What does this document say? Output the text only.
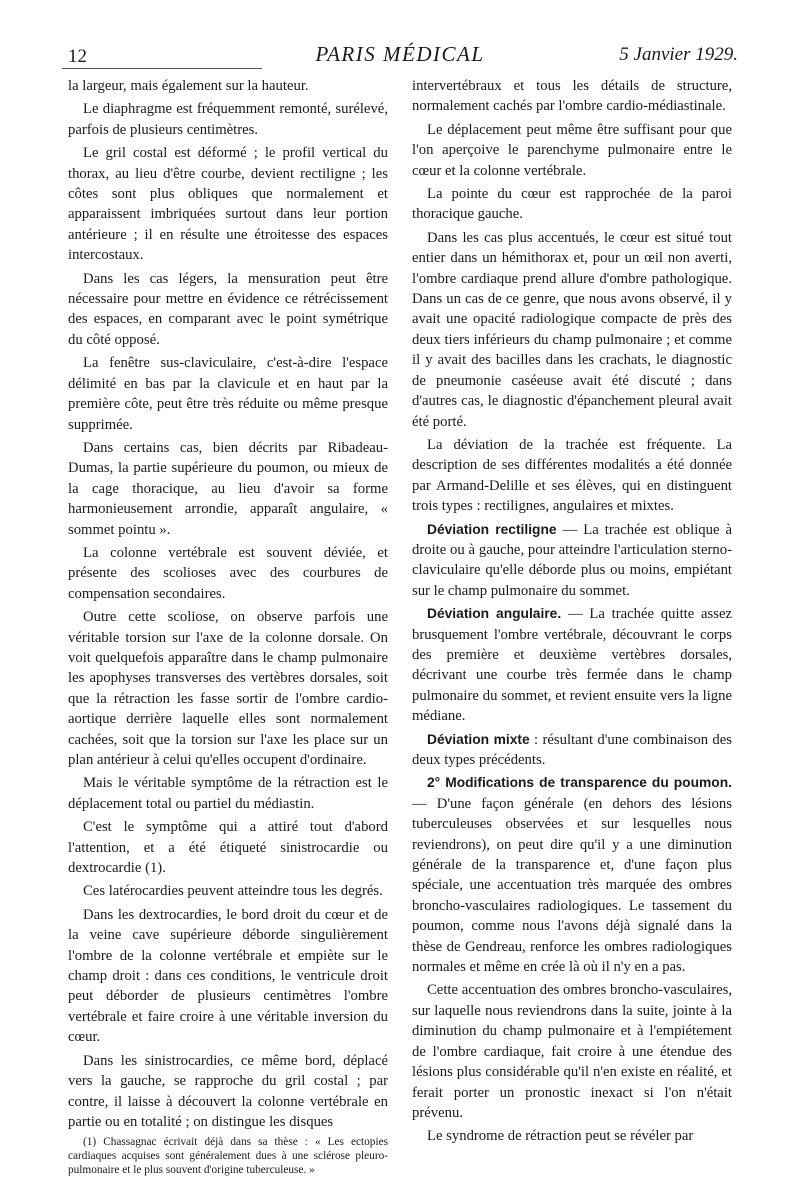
12	PARIS MÉDICAL	5 Janvier 1929.

la largeur, mais également sur la hauteur.

Le diaphragme est fréquemment remonté, surélevé, parfois de plusieurs centimètres.

Le gril costal est déformé ; le profil vertical du thorax, au lieu d'être courbe, devient rectiligne ; les côtes sont plus obliques que normalement et apparaissent imbriquées surtout dans leur portion antérieure ; il en résulte une étroitesse des espaces intercostaux.

Dans les cas légers, la mensuration peut être nécessaire pour mettre en évidence ce rétrécissement des espaces, en comparant avec le point symétrique du côté opposé.

La fenêtre sus-claviculaire, c'est-à-dire l'espace délimité en bas par la clavicule et en haut par la première côte, peut être très réduite ou même presque supprimée.

Dans certains cas, bien décrits par Ribadeau-Dumas, la partie supérieure du poumon, ou mieux de la cage thoracique, au lieu d'avoir sa forme harmonieusement arrondie, apparaît angulaire, « sommet pointu ».

La colonne vertébrale est souvent déviée, et présente des scolioses avec des courbures de compensation secondaires.

Outre cette scoliose, on observe parfois une véritable torsion sur l'axe de la colonne dorsale. On voit quelquefois apparaître dans le champ pulmonaire les apophyses transverses des vertèbres dorsales, soit que la rétraction les fasse sortir de l'ombre cardio-aortique derrière laquelle elles sont normalement cachées, soit que la torsion sur l'axe les place sur un plan antérieur à celui qu'elles occupent d'ordinaire.

Mais le véritable symptôme de la rétraction est le déplacement total ou partiel du médiastin.

C'est le symptôme qui a attiré tout d'abord l'attention, et a été étiqueté sinistrocardie ou dextrocardie (1).

Ces latérocardies peuvent atteindre tous les degrés.

Dans les dextrocardies, le bord droit du cœur et de la veine cave supérieure déborde singulièrement l'ombre de la colonne vertébrale et empiète sur le champ droit : dans ces conditions, le ventricule droit peut déborder de plusieurs centimètres l'ombre vertébrale et faire croire à une véritable inversion du cœur.

Dans les sinistrocardies, ce même bord, déplacé vers la gauche, se rapproche du gril costal ; par contre, il laisse à découvert la colonne vertébrale en partie ou en totalité ; on distingue les disques

(1) Chassagnac écrivait déjà dans sa thèse : « Les ectopies cardiaques acquises sont généralement dues à une sclérose pleuro-pulmonaire et le plus souvent d'origine tuberculeuse. »

intervertébraux et tous les détails de structure, normalement cachés par l'ombre cardio-médiastinale.

Le déplacement peut même être suffisant pour que l'on aperçoive le parenchyme pulmonaire entre le cœur et la colonne vertébrale.

La pointe du cœur est rapprochée de la paroi thoracique gauche.

Dans les cas plus accentués, le cœur est situé tout entier dans un hémithorax et, pour un œil non averti, l'ombre cardiaque prend allure d'ombre pathologique. Dans un cas de ce genre, que nous avons observé, il y avait une opacité radiologique compacte de près des deux tiers inférieurs du champ pulmonaire ; et comme il y avait des bacilles dans les crachats, le diagnostic de pneumonie caséeuse avait été discuté ; dans d'autres cas, le diagnostic d'épanchement pleural avait été porté.

La déviation de la trachée est fréquente. La description de ses différentes modalités a été donnée par Armand-Delille et ses élèves, qui en distinguent trois types : rectilignes, angulaires et mixtes.

Déviation rectiligne — La trachée est oblique à droite ou à gauche, pour atteindre l'articulation sterno-claviculaire qu'elle déborde plus ou moins, empiétant sur le champ pulmonaire du sommet.

Déviation angulaire. — La trachée quitte assez brusquement l'ombre vertébrale, découvrant le corps des première et deuxième vertèbres dorsales, décrivant une courbe très fermée dans le champ pulmonaire du sommet, et revient ensuite vers la ligne médiane.

Déviation mixte : résultant d'une combinaison des deux types précédents.

2° Modifications de transparence du poumon. — D'une façon générale (en dehors des lésions tuberculeuses observées et sur lesquelles nous reviendrons), on peut dire qu'il y a une diminution générale de la transparence et, d'une façon plus spéciale, une accentuation très marquée des ombres broncho-vasculaires radiologiques. Le tassement du poumon, comme nous l'avons déjà signalé dans la thèse de Gendreau, renforce les ombres radiologiques normales et même en crée là où il n'y en a pas.

Cette accentuation des ombres broncho-vasculaires, sur laquelle nous reviendrons dans la suite, jointe à la diminution du champ pulmonaire et à l'empiétement de l'ombre cardiaque, fait croire à une étendue des lésions plus considérable qu'il n'en existe en réalité, et ferait porter un pronostic inexact si l'on n'était prévenu.

Le syndrome de rétraction peut se révéler par
